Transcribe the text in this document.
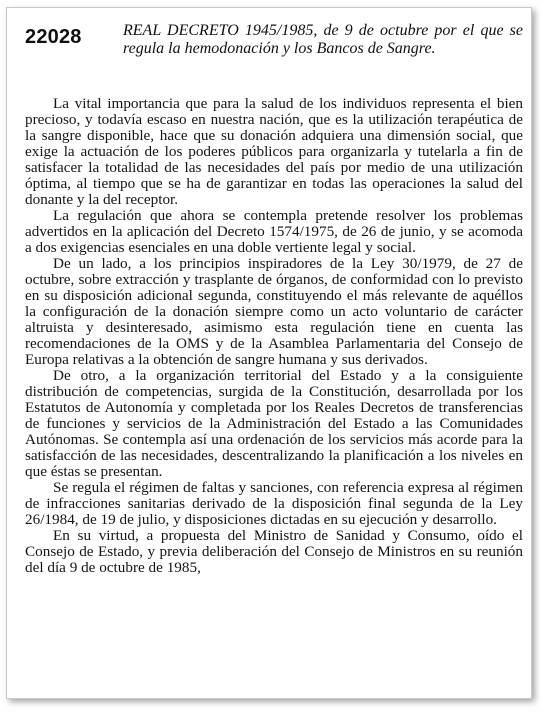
22028	REAL DECRETO 1945/1985, de 9 de octubre por el que se regula la hemodonación y los Bancos de Sangre.

La vital importancia que para la salud de los individuos representa el bien precioso, y todavía escaso en nuestra nación, que es la utilización terapéutica de la sangre disponible, hace que su donación adquiera una dimensión social, que exige la actuación de los poderes públicos para organizarla y tutelarla a fin de satisfacer la totalidad de las necesidades del país por medio de una utilización óptima, al tiempo que se ha de garantizar en todas las operaciones la salud del donante y la del receptor.

La regulación que ahora se contempla pretende resolver los problemas advertidos en la aplicación del Decreto 1574/1975, de 26 de junio, y se acomoda a dos exigencias esenciales en una doble vertiente legal y social.

De un lado, a los principios inspiradores de la Ley 30/1979, de 27 de octubre, sobre extracción y trasplante de órganos, de conformidad con lo previsto en su disposición adicional segunda, constituyendo el más relevante de aquéllos la configuración de la donación siempre como un acto voluntario de carácter altruista y desinteresado, asimismo esta regulación tiene en cuenta las recomendaciones de la OMS y de la Asamblea Parlamentaria del Consejo de Europa relativas a la obtención de sangre humana y sus derivados.

De otro, a la organización territorial del Estado y a la consiguiente distribución de competencias, surgida de la Constitución, desarrollada por los Estatutos de Autonomía y completada por los Reales Decretos de transferencias de funciones y servicios de la Administración del Estado a las Comunidades Autónomas. Se contempla así una ordenación de los servicios más acorde para la satisfacción de las necesidades, descentralizando la planificación a los niveles en que éstas se presentan.

Se regula el régimen de faltas y sanciones, con referencia expresa al régimen de infracciones sanitarias derivado de la disposición final segunda de la Ley 26/1984, de 19 de julio, y disposiciones dictadas en su ejecución y desarrollo.

En su virtud, a propuesta del Ministro de Sanidad y Consumo, oído el Consejo de Estado, y previa deliberación del Consejo de Ministros en su reunión del día 9 de octubre de 1985,
